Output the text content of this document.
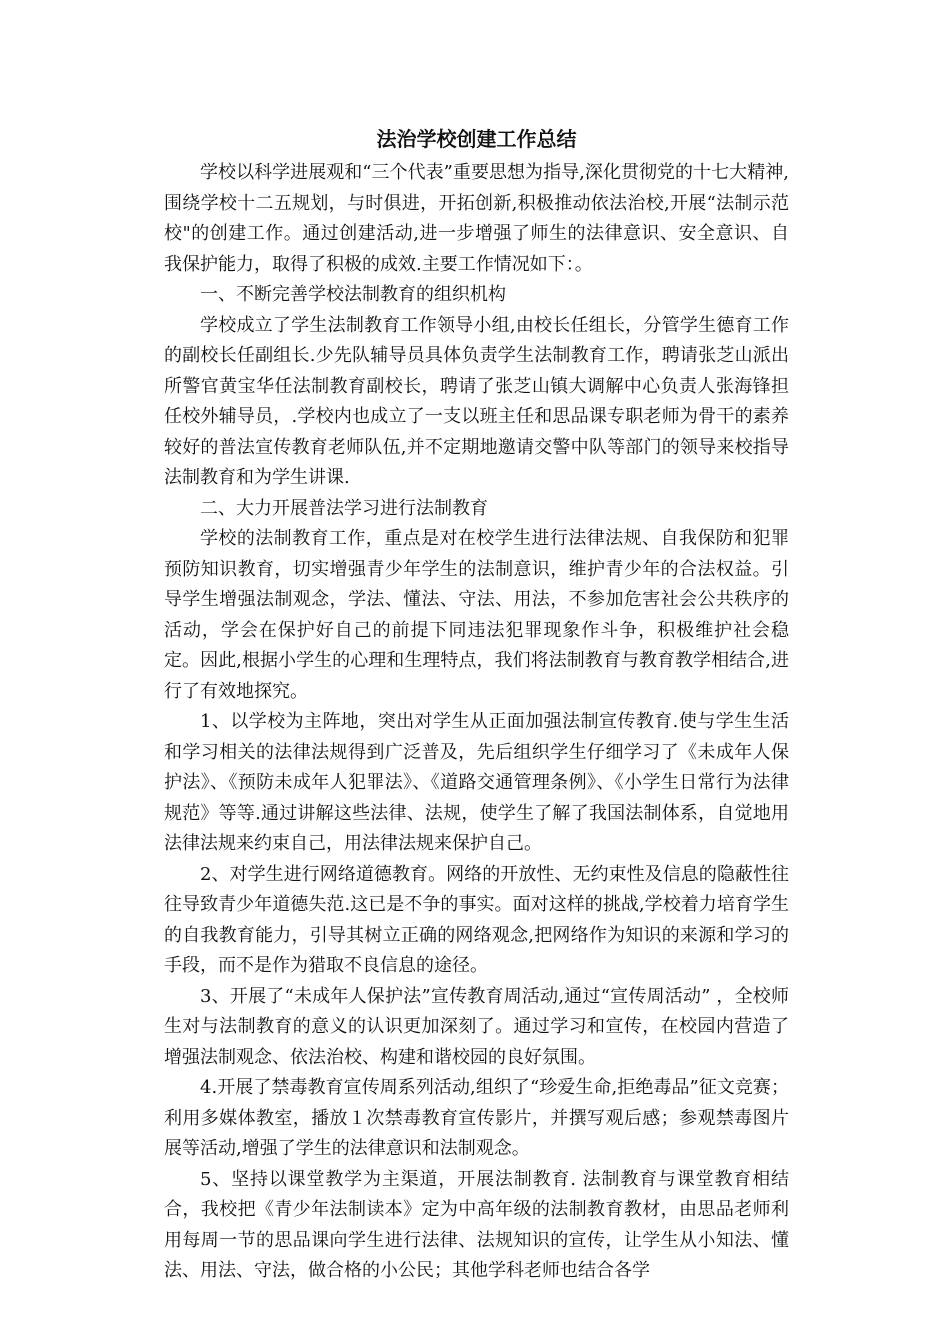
法治学校创建工作总结

学校以科学进展观和“三个代表”重要思想为指导,深化贯彻党的十七大精神,围绕学校十二五规划，与时俱进，开拓创新,积极推动依法治校,开展“法制示范校"的创建工作。通过创建活动,进一步增强了师生的法律意识、安全意识、自我保护能力，取得了积极的成效.主要工作情况如下：。

一、不断完善学校法制教育的组织机构

学校成立了学生法制教育工作领导小组,由校长任组长，分管学生德育工作的副校长任副组长.少先队辅导员具体负责学生法制教育工作，聘请张芝山派出所警官黄宝华任法制教育副校长，聘请了张芝山镇大调解中心负责人张海锋担任校外辅导员，.学校内也成立了一支以班主任和思品课专职老师为骨干的素养较好的普法宣传教育老师队伍,并不定期地邀请交警中队等部门的领导来校指导法制教育和为学生讲课.

二、大力开展普法学习进行法制教育

学校的法制教育工作，重点是对在校学生进行法律法规、自我保防和犯罪预防知识教育，切实增强青少年学生的法制意识，维护青少年的合法权益。引导学生增强法制观念，学法、懂法、守法、用法，不参加危害社会公共秩序的活动，学会在保护好自己的前提下同违法犯罪现象作斗争，积极维护社会稳定。因此,根据小学生的心理和生理特点，我们将法制教育与教育教学相结合,进行了有效地探究。

1、以学校为主阵地，突出对学生从正面加强法制宣传教育.使与学生生活和学习相关的法律法规得到广泛普及，先后组织学生仔细学习了《未成年人保护法》、《预防未成年人犯罪法》、《道路交通管理条例》、《小学生日常行为法律规范》等等.通过讲解这些法律、法规，使学生了解了我国法制体系，自觉地用法律法规来约束自己，用法律法规来保护自己。

2、对学生进行网络道德教育。网络的开放性、无约束性及信息的隐蔽性往往导致青少年道德失范.这已是不争的事实。面对这样的挑战,学校着力培育学生的自我教育能力，引导其树立正确的网络观念,把网络作为知识的来源和学习的手段，而不是作为猎取不良信息的途径。

3、开展了“未成年人保护法”宣传教育周活动,通过“宣传周活动” ，全校师生对与法制教育的意义的认识更加深刻了。通过学习和宣传，在校园内营造了增强法制观念、依法治校、构建和谐校园的良好氛围。

4.开展了禁毒教育宣传周系列活动,组织了“珍爱生命,拒绝毒品”征文竞赛；利用多媒体教室，播放１次禁毒教育宣传影片，并撰写观后感；参观禁毒图片展等活动,增强了学生的法律意识和法制观念。

5、坚持以课堂教学为主渠道，开展法制教育. 法制教育与课堂教育相结合，我校把《青少年法制读本》定为中高年级的法制教育教材，由思品老师利用每周一节的思品课向学生进行法律、法规知识的宣传，让学生从小知法、懂法、用法、守法，做合格的小公民；其他学科老师也结合各学
